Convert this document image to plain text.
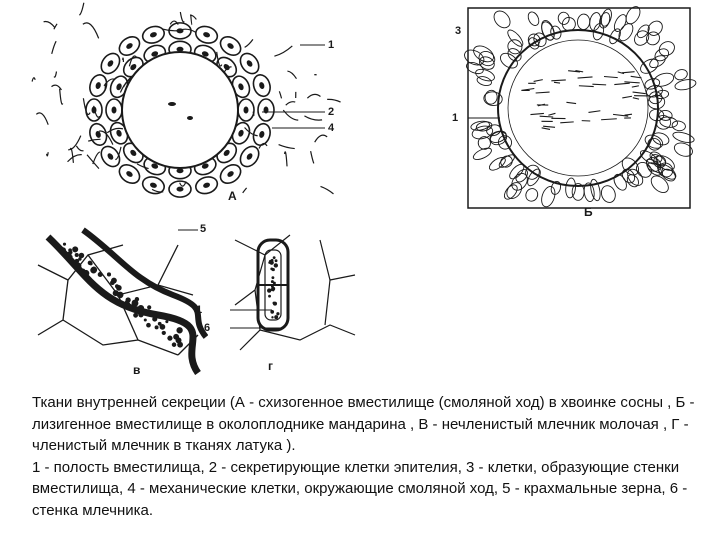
1
2
4
А
3
1
Б
5
в
1
6
г

Ткани внутренней секреции (А - схизогенное вместилище (смоляной ход) в хвоинке сосны , Б - лизигенное вместилище в околоплоднике мандарина , В - нечленистый млечник молочая , Г - членистый млечник в тканях латука ).

1 - полость вместилища, 2 - секретирующие клетки эпителия, 3 - клетки, образующие стенки вместилища, 4 - механические клетки, окружающие смоляной ход, 5 - крахмальные зерна, 6 - стенка млечника.
